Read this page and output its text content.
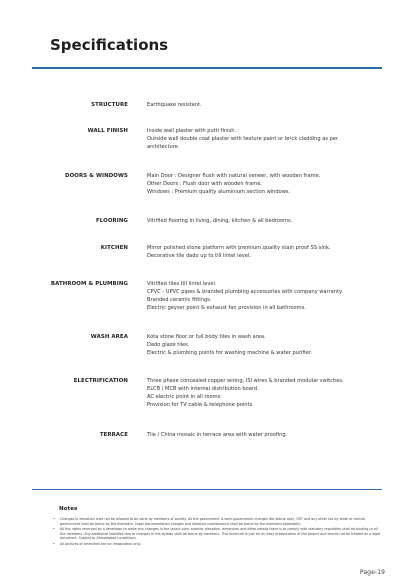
Specifications
STRUCTURE	Earthquake resistant.
WALL FINISH	Inside wall plaster with putti finish.
Outside wall double coat plaster with texture paint or brick cladding as per
architecture.
DOORS & WINDOWS	Main Door : Designer flush with natural veneer, with wooden frame.
Other Doors : Flush door with wooden frame.
Windows : Premium quality aluminium section windows.
FLOORING	Vitrified flooring in living, dining, kitchen & all bedrooms.
KITCHEN	Mirror polished stone platform with premium quality stain proof SS sink.
Decorative tile dado up to till lintel level.
BATHROOM & PLUMBING	Vitrified tiles till lintel level.
CPVC - UPVC pipes & branded plumbing accessories with company warranty.
Branded ceramic fittings.
Electric geyser point & exhaust fan provision in all bathrooms.
WASH AREA	Kota stone floor or full body tiles in wash area.
Dado glaze tiles.
Electric & plumbing points for washing machine & water purifier.
ELECTRIFICATION	Three phase concealed copper wiring, ISI wires & branded modular switches.
ELCB / MCB with internal distribution board.
AC electric point in all rooms.
Provision for TV cable & telephone points.
TERRACE	Tile / China mosaic in terrace area with water proofing.
Notes
• Changes in elevation shall not be allowed to be done by members of society. All the government & semi-government charges like stamp duty, GST and any other tax by state or central government shall be borne by the members. Legal documentation charges and Advance maintenance shall be borne by the members separately.
• All the rights reserved by a developer to make any changes in the layout plan, exterior elevation, dimension and other details there is to comply with statutory regulation shall be binding to all the members. Any additional liabilities due to changes in the bylaws shall be borne by members. This brochure is just for an easy presentation of the project and should not be treated as a legal document. Subject to Ahmedabad jurisdiction.
• All pictures of amenities are for imagination only.
Page-19
